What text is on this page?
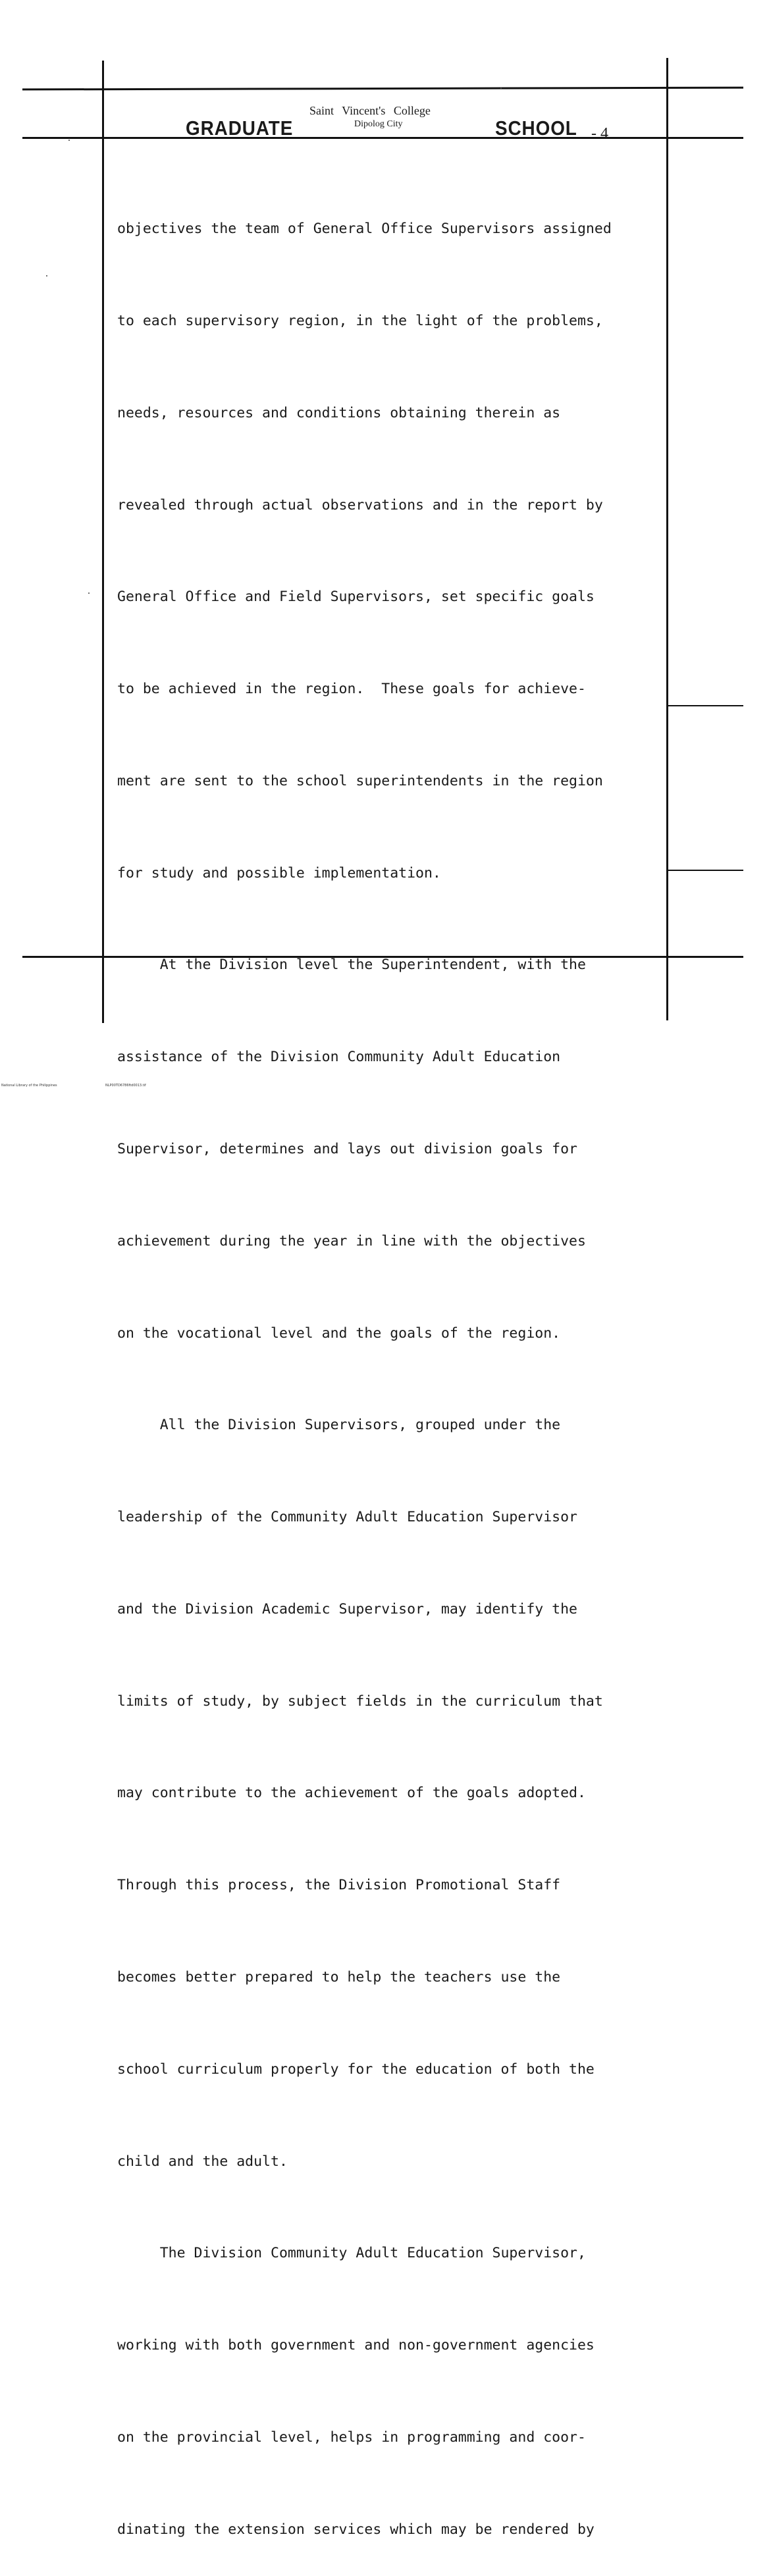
GRADUATE
Saint Vincent's College
Dipolog City	SCHOOL - 4

objectives the team of General Office Supervisors assigned

to each supervisory region, in the light of the problems,

needs, resources and conditions obtaining therein as

revealed through actual observations and in the report by

General Office and Field Supervisors, set specific goals

to be achieved in the region.  These goals for achieve-

ment are sent to the school superintendents in the region

for study and possible implementation.

At the Division level the Superintendent, with the

assistance of the Division Community Adult Education

Supervisor, determines and lays out division goals for

achievement during the year in line with the objectives

on the vocational level and the goals of the region.

All the Division Supervisors, grouped under the

leadership of the Community Adult Education Supervisor

and the Division Academic Supervisor, may identify the

limits of study, by subject fields in the curriculum that

may contribute to the achievement of the goals adopted.

Through this process, the Division Promotional Staff

becomes better prepared to help the teachers use the

school curriculum properly for the education of both the

child and the adult.

The Division Community Adult Education Supervisor,

working with both government and non-government agencies

on the provincial level, helps in programming and coor-

dinating the extension services which may be rendered by

National Library of the Philippines	NLP00TD6786ftd0013.tif
